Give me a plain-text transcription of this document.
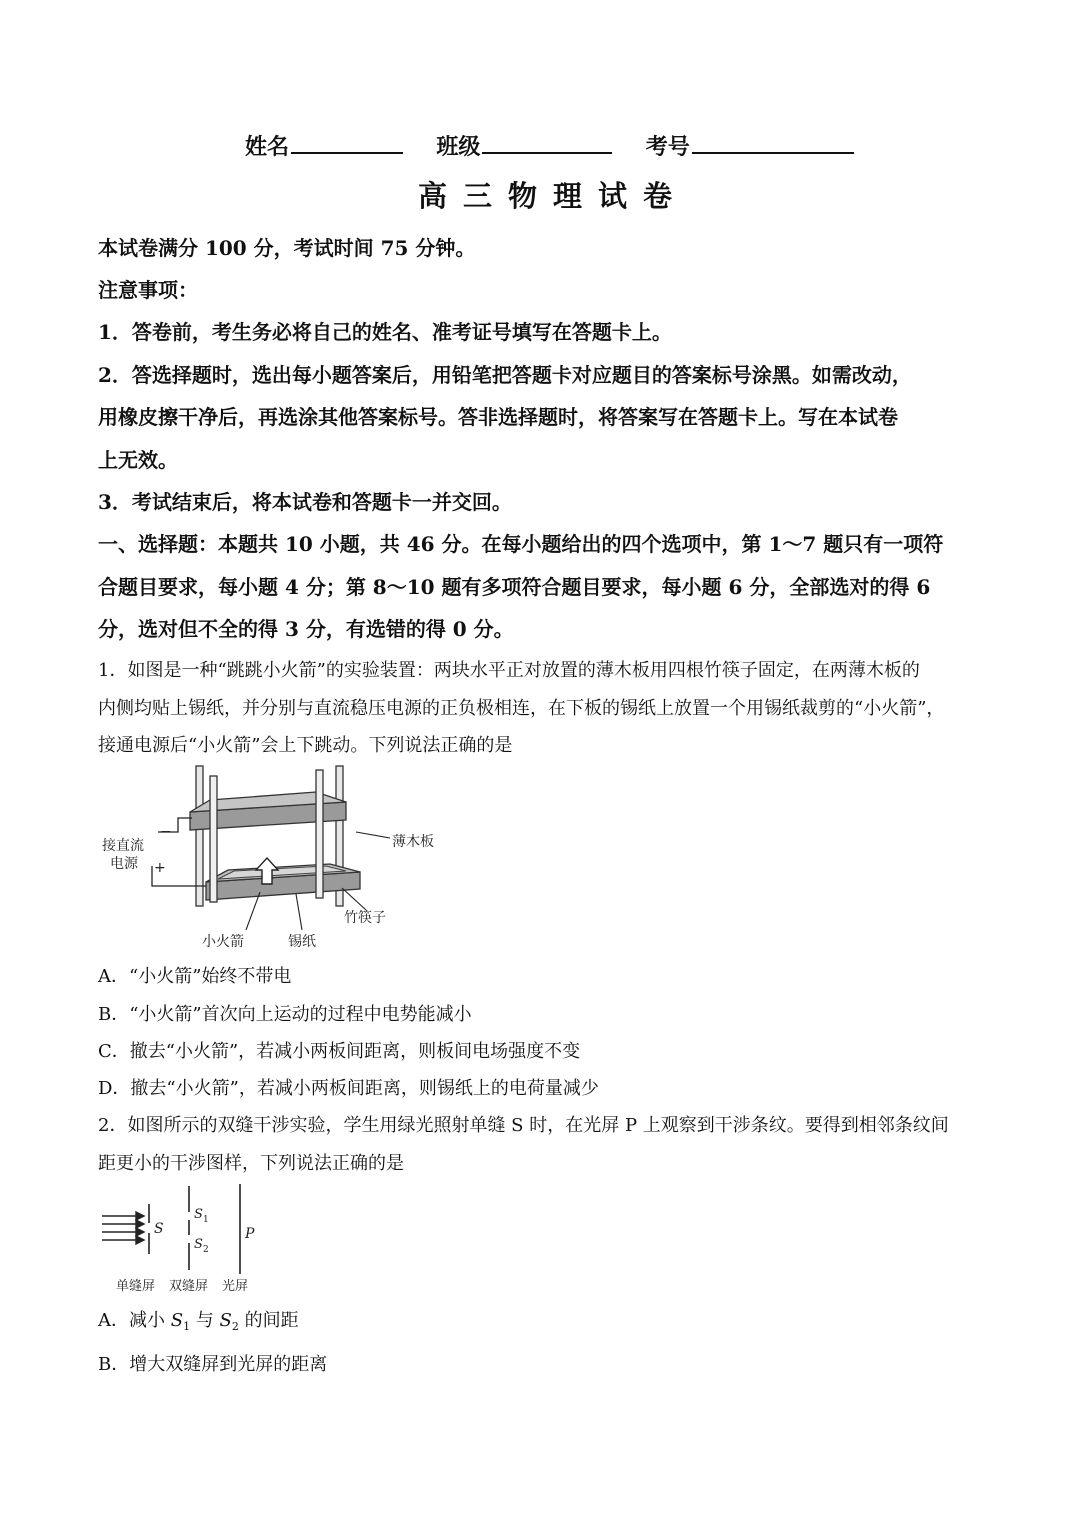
姓名	班级	考号
高三物理试卷
本试卷满分 100 分，考试时间 75 分钟。
注意事项：
1．答卷前，考生务必将自己的姓名、准考证号填写在答题卡上。
2．答选择题时，选出每小题答案后，用铅笔把答题卡对应题目的答案标号涂黑。如需改动，
用橡皮擦干净后，再选涂其他答案标号。答非选择题时，将答案写在答题卡上。写在本试卷
上无效。
3．考试结束后，将本试卷和答题卡一并交回。
一、选择题：本题共 10 小题，共 46 分。在每小题给出的四个选项中，第 1～7 题只有一项符
合题目要求，每小题 4 分；第 8～10 题有多项符合题目要求，每小题 6 分，全部选对的得 6
分，选对但不全的得 3 分，有选错的得 0 分。
1．如图是一种“跳跳小火箭”的实验装置：两块水平正对放置的薄木板用四根竹筷子固定，在两薄木板的
内侧均贴上锡纸，并分别与直流稳压电源的正负极相连，在下板的锡纸上放置一个用锡纸裁剪的“小火箭”，
接通电源后“小火箭”会上下跳动。下列说法正确的是
接直流
电源
−
+
薄木板
竹筷子
小火箭	锡纸
A．“小火箭”始终不带电
B．“小火箭”首次向上运动的过程中电势能减小
C．撤去“小火箭”，若减小两板间距离，则板间电场强度不变
D．撤去“小火箭”，若减小两板间距离，则锡纸上的电荷量减少
2．如图所示的双缝干涉实验，学生用绿光照射单缝 S 时，在光屏 P 上观察到干涉条纹。要得到相邻条纹间
距更小的干涉图样，下列说法正确的是
S
S 1
S 2
P
单缝屏 双缝屏 光屏
A．减小 $S_1$ 与 $S_2$ 的间距
B．增大双缝屏到光屏的距离
